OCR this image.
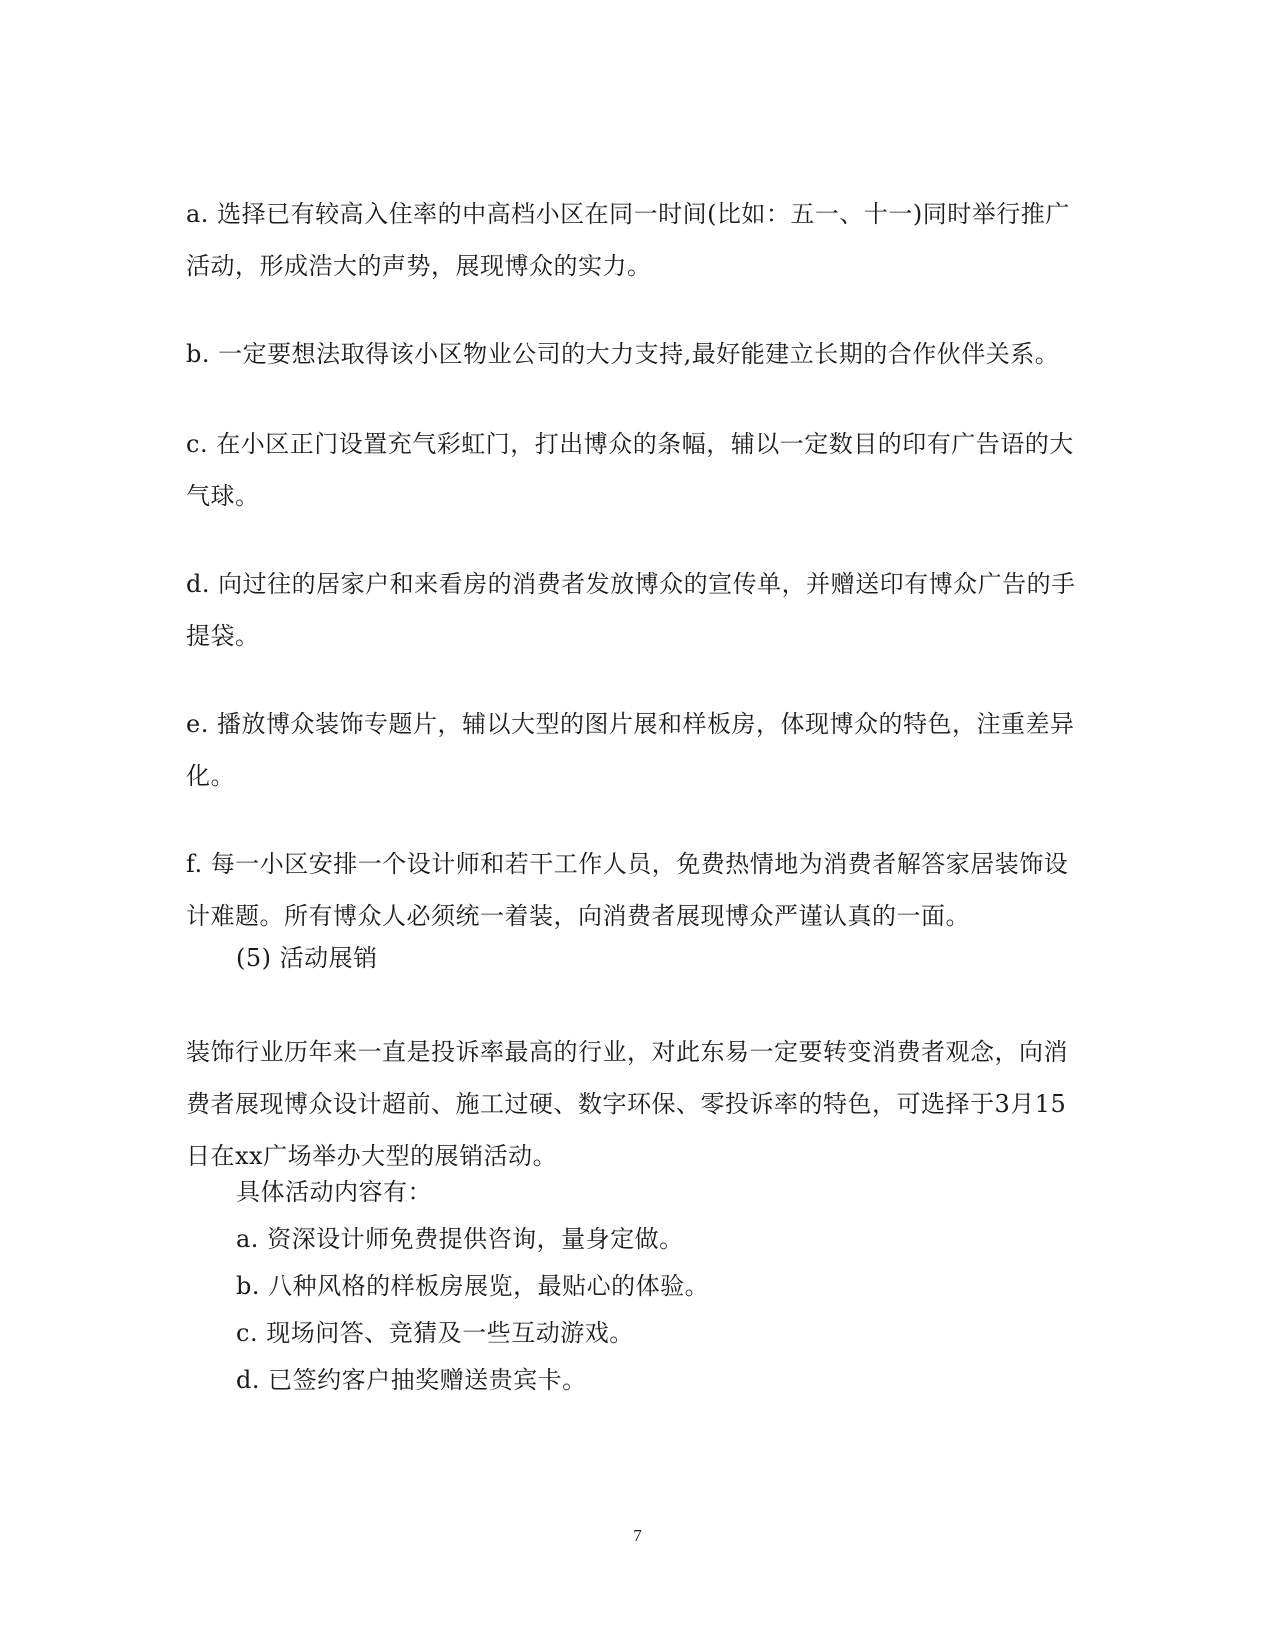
a. 选择已有较高入住率的中高档小区在同一时间(比如：五一、十一)同时举行推广活动，形成浩大的声势，展现博众的实力。

b. 一定要想法取得该小区物业公司的大力支持,最好能建立长期的合作伙伴关系。

c. 在小区正门设置充气彩虹门，打出博众的条幅，辅以一定数目的印有广告语的大气球。

d. 向过往的居家户和来看房的消费者发放博众的宣传单，并赠送印有博众广告的手提袋。

e. 播放博众装饰专题片，辅以大型的图片展和样板房，体现博众的特色，注重差异化。

f. 每一小区安排一个设计师和若干工作人员，免费热情地为消费者解答家居装饰设计难题。所有博众人必须统一着装，向消费者展现博众严谨认真的一面。

(5) 活动展销

装饰行业历年来一直是投诉率最高的行业，对此东易一定要转变消费者观念，向消费者展现博众设计超前、施工过硬、数字环保、零投诉率的特色，可选择于3月15日在xx广场举办大型的展销活动。

具体活动内容有：

a. 资深设计师免费提供咨询，量身定做。

b. 八种风格的样板房展览，最贴心的体验。

c. 现场问答、竞猜及一些互动游戏。

d. 已签约客户抽奖赠送贵宾卡。

7
